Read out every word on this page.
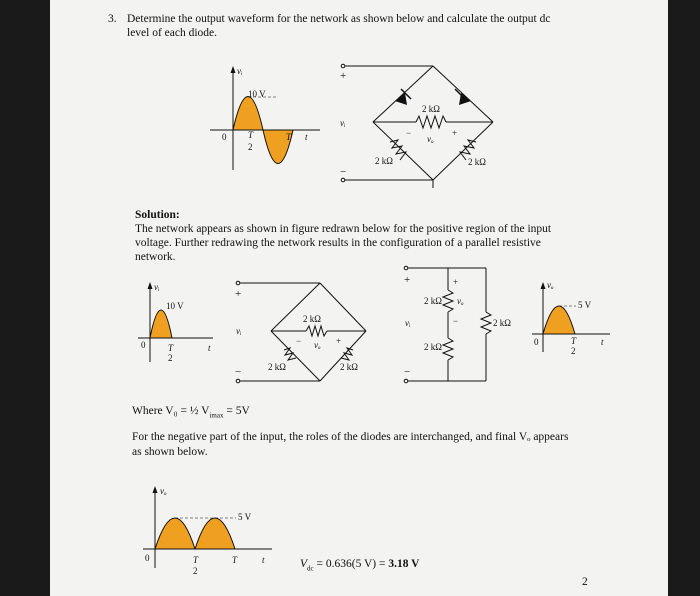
3. Determine the output waveform for the network as shown below and calculate the output dc
level of each diode.
vᵢ
10 V
0 T
2
T t
+
−
vᵢ
2 kΩ
2 kΩ	2 kΩ
−
vₒ
+
Solution:
The network appears as shown in figure redrawn below for the positive region of the input
voltage. Further redrawing the network results in the configuration of a parallel resistive
network.
vᵢ
10 V
0	T
2
t
+
−
vᵢ
2 kΩ
2 kΩ	2 kΩ
− vₒ +
+
−
vᵢ
2 kΩ vₒ
+
−	2 kΩ
2 kΩ
vₒ
5 V
0	T
2
t
Where V₀ = ½ $V_{imax} = 5V$
For the negative part of the input, the roles of the diodes are interchanged, and final Vₒ appears
as shown below.
vₒ
5 V
0	T
2
T	t	$V_{dc} = 0.636(5$ V) = 3.18 V
2
